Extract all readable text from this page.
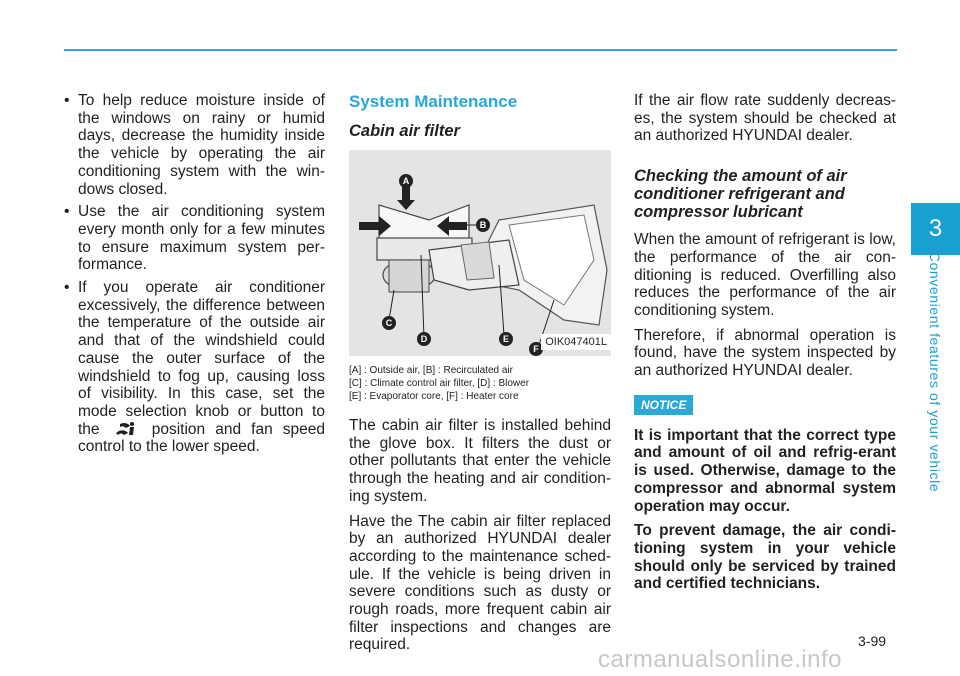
3
Convenient features of your vehicle
• To help reduce moisture inside of the windows on rainy or humid days, decrease the humidity inside the vehicle by operating the air conditioning system with the win-dows closed.
• Use the air conditioning system every month only for a few minutes to ensure maximum system per-formance.
• If you operate air conditioner excessively, the difference between the temperature of the outside air and that of the windshield could cause the outer surface of the windshield to fog up, causing loss of visibility. In this case, set the mode selection knob or button to the	position and fan speed control to the lower speed.
System Maintenance
Cabin air filter
A
B
C
D	E
F
OIK047401L

[A] : Outside air, [B] : Recirculated air

[C] : Climate control air filter, [D] : Blower

[E] : Evaporator core, [F] : Heater core

The cabin air filter is installed behind the glove box. It filters the dust or other pollutants that enter the vehicle through the heating and air condition-ing system.

Have the The cabin air filter replaced by an authorized HYUNDAI dealer according to the maintenance sched-ule. If the vehicle is being driven in severe conditions such as dusty or rough roads, more frequent cabin air filter inspections and changes are required.

If the air flow rate suddenly decreas-es, the system should be checked at an authorized HYUNDAI dealer.

Checking the amount of air conditioner refrigerant and compressor lubricant

When the amount of refrigerant is low, the performance of the air con-ditioning is reduced. Overfilling also reduces the performance of the air conditioning system.

Therefore, if abnormal operation is found, have the system inspected by an authorized HYUNDAI dealer.

NOTICE

It is important that the correct type and amount of oil and refrig-erant is used. Otherwise, damage to the compressor and abnormal system operation may occur.

To prevent damage, the air condi-tioning system in your vehicle should only be serviced by trained and certified technicians.

3-99
carmanualsonline.info
